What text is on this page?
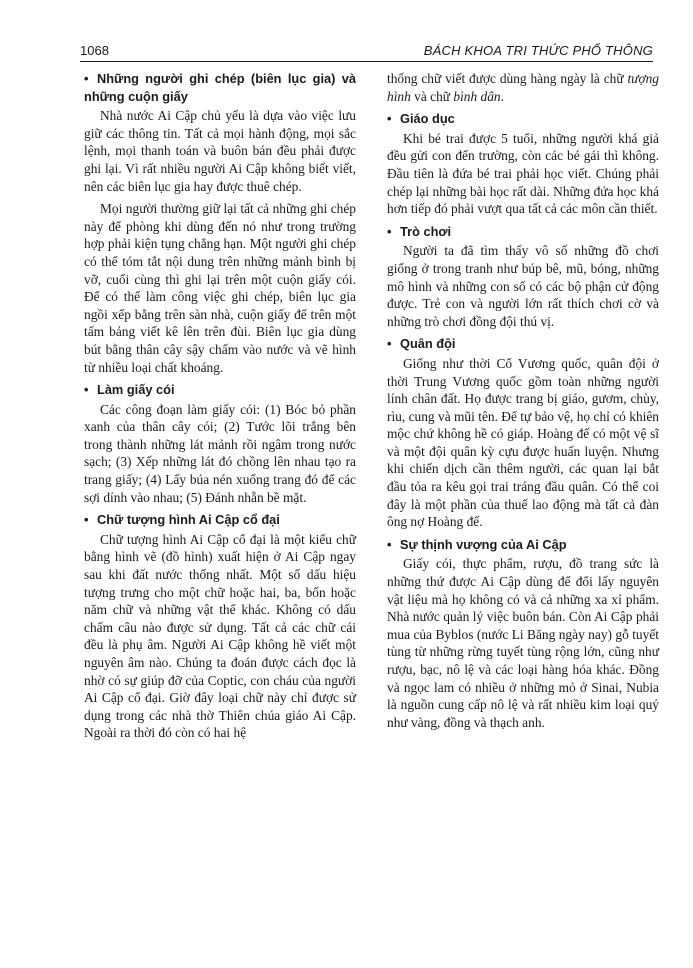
1068	BÁCH KHOA TRI THỨC PHỔ THÔNG
• Những người ghi chép (biên lục gia) và những cuộn giấy

Nhà nước Ai Cập chủ yếu là dựa vào việc lưu giữ các thông tin. Tất cả mọi hành động, mọi sắc lệnh, mọi thanh toán và buôn bán đều phải được ghi lại. Vì rất nhiều người Ai Cập không biết viết, nên các biên lục gia hay được thuê chép.

Mọi người thường giữ lại tất cả những ghi chép này để phòng khi dùng đến nó như trong trường hợp phải kiện tụng chẳng hạn. Một người ghi chép có thể tóm tắt nội dung trên những mảnh bình bị vỡ, cuối cùng thì ghi lại trên một cuộn giấy cói. Để có thể làm công việc ghi chép, biên lục gia ngồi xếp bằng trên sàn nhà, cuộn giấy để trên một tấm bảng viết kê lên trên đùi. Biên lục gia dùng bút bằng thân cây sậy chấm vào nước và vẽ hình từ nhiều loại chất khoáng.

• Làm giấy cói

Các công đoạn làm giấy cói: (1) Bóc bỏ phần xanh của thân cây cói; (2) Tước lõi trắng bên trong thành những lát mảnh rồi ngâm trong nước sạch; (3) Xếp những lát đó chồng lên nhau tạo ra trang giấy; (4) Lấy búa nén xuống trang đó để các sợi dính vào nhau; (5) Đánh nhẵn bề mặt.

• Chữ tượng hình Ai Cập cổ đại

Chữ tượng hình Ai Cập cổ đại là một kiểu chữ bằng hình vẽ (đồ hình) xuất hiện ở Ai Cập ngay sau khi đất nước thống nhất. Một số dấu hiệu tượng trưng cho một chữ hoặc hai, ba, bốn hoặc năm chữ và những vật thể khác. Không có dấu chấm câu nào được sử dụng. Tất cả các chữ cái đều là phụ âm. Người Ai Cập không hề viết một nguyên âm nào. Chúng ta đoán được cách đọc là nhờ có sự giúp đỡ của Coptic, con cháu của người Ai Cập cổ đại. Giờ đây loại chữ này chỉ được sử dụng trong các nhà thờ Thiên chúa giáo Ai Cập. Ngoài ra thời đó còn có hai hệ

thống chữ viết được dùng hàng ngày là chữ tượng hình và chữ bình dân.

• Giáo dục

Khi bé trai được 5 tuổi, những người khá giả đều gửi con đến trường, còn các bé gái thì không. Đầu tiên là đứa bé trai phải học viết. Chúng phải chép lại những bài học rất dài. Những đứa học khá hơn tiếp đó phải vượt qua tất cả các môn cần thiết.

• Trò chơi

Người ta đã tìm thấy vô số những đồ chơi giống ở trong tranh như búp bê, mũ, bóng, những mô hình và những con số có các bộ phận cử động được. Trẻ con và người lớn rất thích chơi cờ và những trò chơi đồng đội thú vị.

• Quân đội

Giống như thời Cổ Vương quốc, quân đội ở thời Trung Vương quốc gồm toàn những người lính chân đất. Họ được trang bị giáo, gươm, chùy, rìu, cung và mũi tên. Để tự bảo vệ, họ chỉ có khiên mộc chứ không hề có giáp. Hoàng đế có một vệ sĩ và một đội quân kỳ cựu được huấn luyện. Nhưng khi chiến dịch cần thêm người, các quan lại bắt đầu tỏa ra kêu gọi trai tráng đầu quân. Có thể coi đây là một phần của thuế lao động mà tất cả đàn ông nợ Hoàng đế.

• Sự thịnh vượng của Ai Cập

Giấy cói, thực phẩm, rượu, đồ trang sức là những thứ được Ai Cập dùng để đổi lấy nguyên vật liệu mà họ không có và cả những xa xỉ phẩm. Nhà nước quản lý việc buôn bán. Còn Ai Cập phải mua của Byblos (nước Li Băng ngày nay) gỗ tuyết tùng từ những rừng tuyết tùng rộng lớn, cũng như rượu, bạc, nô lệ và các loại hàng hóa khác. Đồng và ngọc lam có nhiều ở những mỏ ở Sinai, Nubia là nguồn cung cấp nô lệ và rất nhiều kim loại quý như vàng, đồng và thạch anh.
